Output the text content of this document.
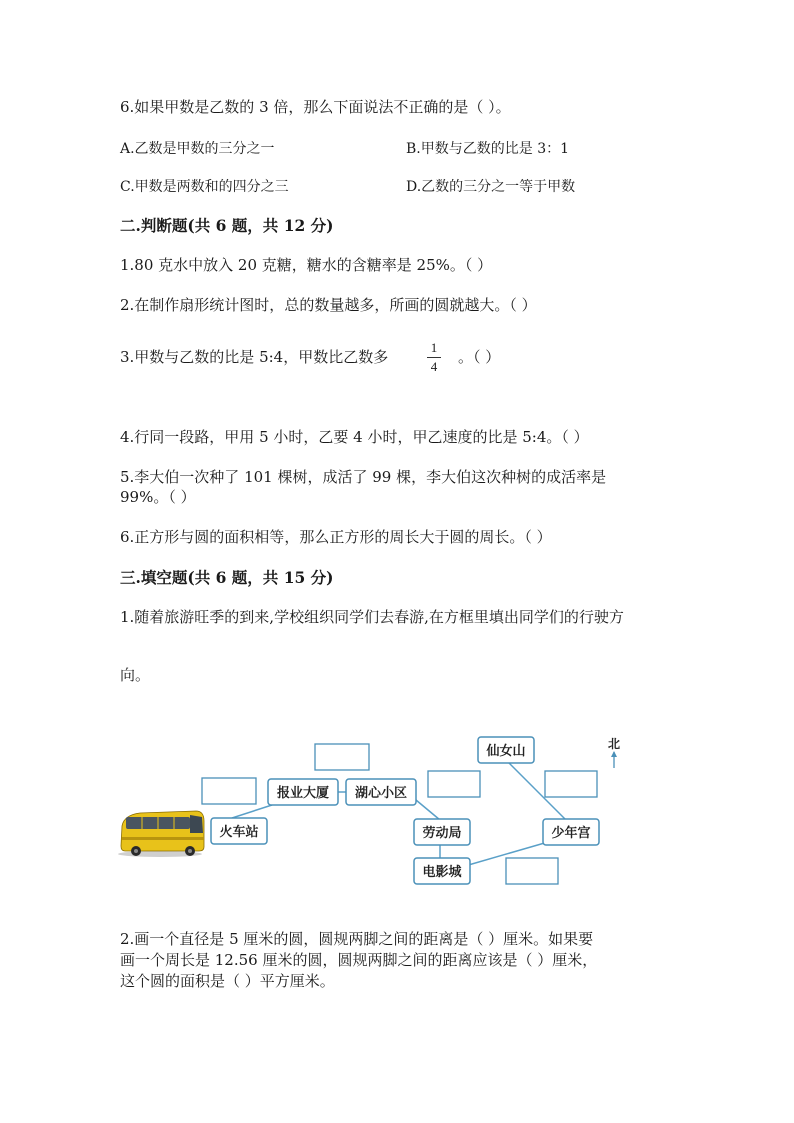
6.如果甲数是乙数的 3 倍，那么下面说法不正确的是（ ）。
A.乙数是甲数的三分之一	B.甲数与乙数的比是 3：1
C.甲数是两数和的四分之三	D.乙数的三分之一等于甲数
二.判断题(共 6 题，共 12 分)
1.80 克水中放入 20 克糖，糖水的含糖率是 25%。（ ）
2.在制作扇形统计图时，总的数量越多，所画的圆就越大。（ ）
3.甲数与乙数的比是 5:4，甲数比乙数多
1
4
。（ ）
4.行同一段路，甲用 5 小时，乙要 4 小时，甲乙速度的比是 5:4。（ ）
5.李大伯一次种了 101 棵树，成活了 99 棵，李大伯这次种树的成活率是
99%。（ ）
6.正方形与圆的面积相等，那么正方形的周长大于圆的周长。（ ）
三.填空题(共 6 题，共 15 分)
1.随着旅游旺季的到来,学校组织同学们去春游,在方框里填出同学们的行驶方
向。
火车站
报业大厦 湖心小区
劳动局
电影城
少年宫
仙女山	北
2.画一个直径是 5 厘米的圆，圆规两脚之间的距离是（ ）厘米。如果要
画一个周长是 12.56 厘米的圆，圆规两脚之间的距离应该是（ ）厘米，
这个圆的面积是（ ）平方厘米。
